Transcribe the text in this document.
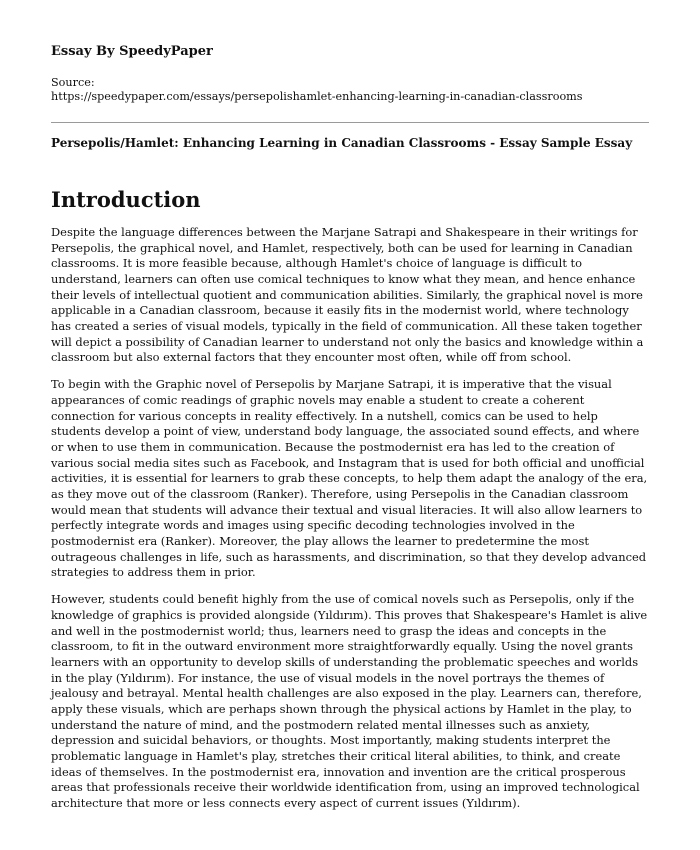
Essay By SpeedyPaper
Source:
https://speedypaper.com/essays/persepolishamlet-enhancing-learning-in-canadian-classrooms
Persepolis/Hamlet: Enhancing Learning in Canadian Classrooms - Essay Sample Essay
Introduction

Despite the language differences between the Marjane Satrapi and Shakespeare in their writings for Persepolis, the graphical novel, and Hamlet, respectively, both can be used for learning in Canadian classrooms. It is more feasible because, although Hamlet's choice of language is difficult to understand, learners can often use comical techniques to know what they mean, and hence enhance their levels of intellectual quotient and communication abilities. Similarly, the graphical novel is more applicable in a Canadian classroom, because it easily fits in the modernist world, where technology has created a series of visual models, typically in the field of communication. All these taken together will depict a possibility of Canadian learner to understand not only the basics and knowledge within a classroom but also external factors that they encounter most often, while off from school.

To begin with the Graphic novel of Persepolis by Marjane Satrapi, it is imperative that the visual appearances of comic readings of graphic novels may enable a student to create a coherent connection for various concepts in reality effectively. In a nutshell, comics can be used to help students develop a point of view, understand body language, the associated sound effects, and where or when to use them in communication. Because the postmodernist era has led to the creation of various social media sites such as Facebook, and Instagram that is used for both official and unofficial activities, it is essential for learners to grab these concepts, to help them adapt the analogy of the era, as they move out of the classroom (Ranker). Therefore, using Persepolis in the Canadian classroom would mean that students will advance their textual and visual literacies. It will also allow learners to perfectly integrate words and images using specific decoding technologies involved in the postmodernist era (Ranker). Moreover, the play allows the learner to predetermine the most outrageous challenges in life, such as harassments, and discrimination, so that they develop advanced strategies to address them in prior.

However, students could benefit highly from the use of comical novels such as Persepolis, only if the knowledge of graphics is provided alongside (Yıldırım). This proves that Shakespeare's Hamlet is alive and well in the postmodernist world; thus, learners need to grasp the ideas and concepts in the classroom, to fit in the outward environment more straightforwardly equally. Using the novel grants learners with an opportunity to develop skills of understanding the problematic speeches and worlds in the play (Yıldırım). For instance, the use of visual models in the novel portrays the themes of jealousy and betrayal. Mental health challenges are also exposed in the play. Learners can, therefore, apply these visuals, which are perhaps shown through the physical actions by Hamlet in the play, to understand the nature of mind, and the postmodern related mental illnesses such as anxiety, depression and suicidal behaviors, or thoughts. Most importantly, making students interpret the problematic language in Hamlet's play, stretches their critical literal abilities, to think, and create ideas of themselves. In the postmodernist era, innovation and invention are the critical prosperous areas that professionals receive their worldwide identification from, using an improved technological architecture that more or less connects every aspect of current issues (Yıldırım).
